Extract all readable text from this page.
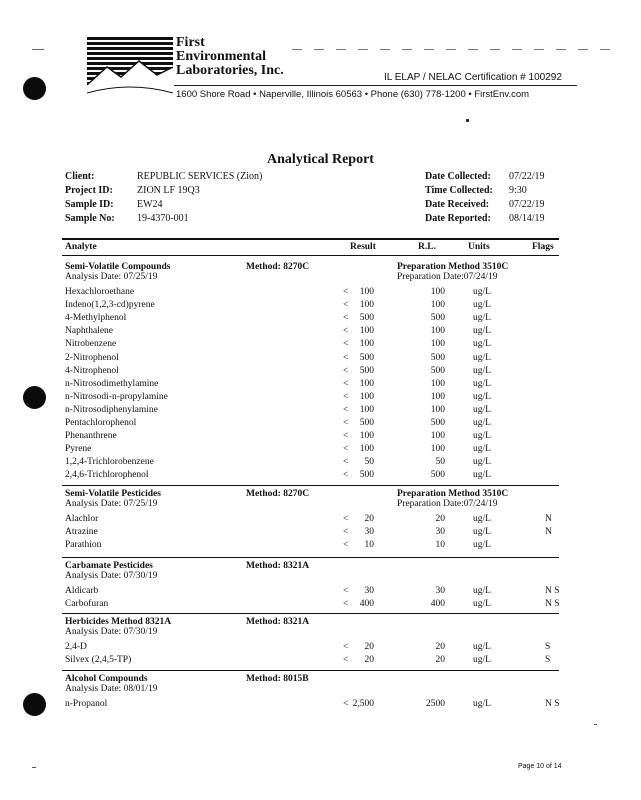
First
Environmental
Laboratories, Inc.	IL ELAP / NELAC Certification # 100292
1600 Shore Road • Naperville, Illinois 60563 • Phone (630) 778-1200 • FirstEnv.com
Analytical Report
Client:	REPUBLIC SERVICES (Zion)
Project ID: ZION LF 19Q3
Sample ID: EW24
Sample No: 19-4370-001
Date Collected: 07/22/19
Time Collected: 9:30
Date Received: 07/22/19
Date Reported: 08/14/19
Analyte	Result	R.L.	Units	Flags
Semi-Volatile Compounds
Analysis Date: 07/25/19
Method: 8270C	Preparation Method 3510C
Preparation Date:07/24/19
Hexachloroethane	<	100	100	ug/L
Indeno(1,2,3-cd)pyrene	<	100	100	ug/L
4-Methylphenol	<	500	500	ug/L
Naphthalene	<	100	100	ug/L
Nitrobenzene	<	100	100	ug/L
2-Nitrophenol	<	500	500	ug/L
4-Nitrophenol	<	500	500	ug/L
n-Nitrosodimethylamine	<	100	100	ug/L
n-Nitrosodi-n-propylamine	<	100	100	ug/L
n-Nitrosodiphenylamine	<	100	100	ug/L
Pentachlorophenol	<	500	500	ug/L
Phenanthrene	<	100	100	ug/L
Pyrene	<	100	100	ug/L
1,2,4-Trichlorobenzene	<	50	50	ug/L
2,4,6-Trichlorophenol	<	500	500	ug/L
Semi-Volatile Pesticides
Analysis Date: 07/25/19
Method: 8270C	Preparation Method 3510C
Preparation Date:07/24/19
Alachlor	<	20	20	ug/L	N
Atrazine	<	30	30	ug/L	N
Parathion	<	10	10	ug/L
Carbamate Pesticides
Analysis Date: 07/30/19
Method: 8321A
Aldicarb	<	30	30	ug/L	N S
Carbofuran	<	400	400	ug/L	N S
Herbicides Method 8321A
Analysis Date: 07/30/19
Method: 8321A
2,4-D	<	20	20	ug/L	S
Silvex (2,4,5-TP)	<	20	20	ug/L	S
Alcohol Compounds
Analysis Date: 08/01/19
Method: 8015B
n-Propanol	< 2,500	2500	ug/L	N S
Page 10 of 14
